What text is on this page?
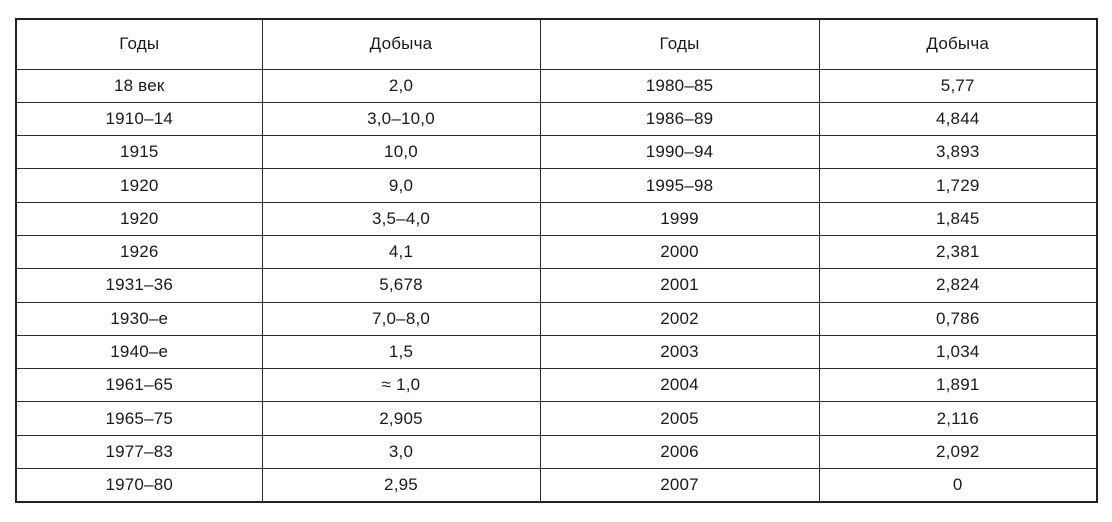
Годы	Добыча	Годы	Добыча
18 век	2,0	1980–85	5,77
1910–14	3,0–10,0	1986–89	4,844
1915	10,0	1990–94	3,893
1920	9,0	1995–98	1,729
1920	3,5–4,0	1999	1,845
1926	4,1	2000	2,381
1931–36	5,678	2001	2,824
1930–е	7,0–8,0	2002	0,786
1940–е	1,5	2003	1,034
1961–65	≈ 1,0	2004	1,891
1965–75	2,905	2005	2,116
1977–83	3,0	2006	2,092
1970–80	2,95	2007	0
